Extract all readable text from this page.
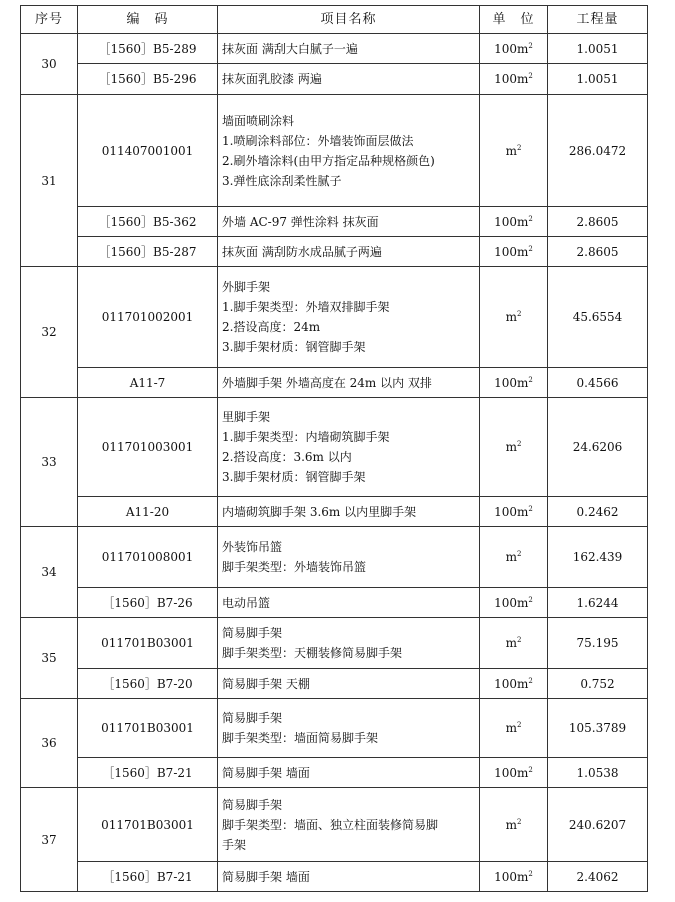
序号	编　码	项目名称	单　位	工程量
30	［1560］B5-289	抹灰面 满刮大白腻子一遍	$100m^2$	1.0051
	［1560］B5-296	抹灰面乳胶漆 两遍	$100m^2$	1.0051
31	011407001001	墙面喷刷涂料
1.喷刷涂料部位：外墙装饰面层做法
2.刷外墙涂料(由甲方指定品种规格颜色)
3.弹性底涂刮柔性腻子	$m^2$	286.0472
	［1560］B5-362	外墙 AC-97 弹性涂料 抹灰面	$100m^2$	2.8605
	［1560］B5-287	抹灰面 满刮防水成品腻子两遍	$100m^2$	2.8605
32	011701002001	外脚手架
1.脚手架类型：外墙双排脚手架
2.搭设高度：24m
3.脚手架材质：钢管脚手架	$m^2$	45.6554
	A11-7	外墙脚手架 外墙高度在 24m 以内 双排	$100m^2$	0.4566
33	011701003001	里脚手架
1.脚手架类型：内墙砌筑脚手架
2.搭设高度：3.6m 以内
3.脚手架材质：钢管脚手架	$m^2$	24.6206
	A11-20	内墙砌筑脚手架 3.6m 以内里脚手架	$100m^2$	0.2462
34	011701008001	外装饰吊篮
脚手架类型：外墙装饰吊篮	$m^2$	162.439
	［1560］B7-26	电动吊篮	$100m^2$	1.6244
35	011701B03001	简易脚手架
脚手架类型：天棚装修简易脚手架	$m^2$	75.195
	［1560］B7-20	简易脚手架 天棚	$100m^2$	0.752
36	011701B03001	简易脚手架
脚手架类型：墙面简易脚手架	$m^2$	105.3789
	［1560］B7-21	简易脚手架 墙面	$100m^2$	1.0538
37	011701B03001	简易脚手架
脚手架类型：墙面、独立柱面装修简易脚
手架	$m^2$	240.6207
	［1560］B7-21	简易脚手架 墙面	$100m^2$	2.4062
